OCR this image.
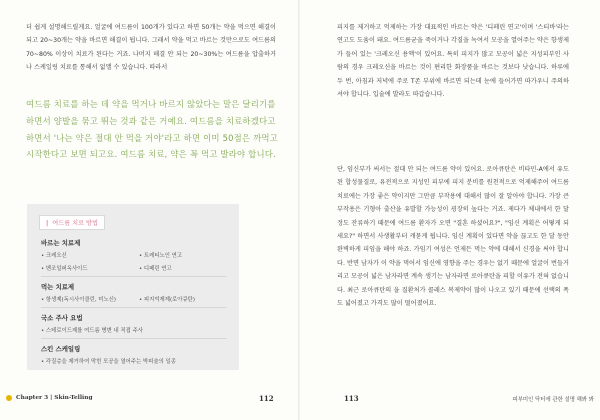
더 쉽게 설명해드릴게요. 얼굴에 여드름이 100개가 있다고 하면 50개는 약을 먹으면 해결이 되고 20~30개는 약을 바르면 해결이 됩니다. 그래서 약을 먹고 바르는 것만으로도 여드름의 70~80% 이상이 치료가 된다는 거죠. 나머지 해결 안 되는 20~30%는 여드름을 압출하거나 스케일링 치료를 통해서 없앨 수 있습니다. 따라서

여드름 치료를 하는 데 약을 먹거나 바르지 않았다는 말은 달리기를 하면서 양발을 묶고 뛰는 것과 같은 거예요. 여드름을 치료하겠다고 하면서 '나는 약은 절대 안 먹을 거야'라고 하면 이미 50점은 까먹고 시작한다고 보면 되고요. 여드름 치료, 약은 꼭 먹고 발라야 합니다.

| 여드름 치료 방법
바르는 치료제
• 크레오신	• 트레티노인 연고
• 벤조일퍼옥사이드	• 디페린 연고
먹는 치료제
• 항생제(독시사이클린, 미노신)	• 피지억제제(로아큐탄)
국소 주사 요법
• 스테로이드제를 여드름 병변 내 직접 주사
스킨 스케일링
• 각질층을 제거하여 막힌 모공을 열어주는 박피술의 일종
Chapter 3 | Skin-Telling	112

피지를 제거하고 억제하는 가장 대표적인 바르는 약은 '디페린 연고'이며 '스티바'라는 연고도 도움이 돼요. 여드름균을 죽이거나 각질을 녹여서 모공을 열어주는 약은 항생제가 들어 있는 '크레오신 용액'이 있어요. 특히 피지가 많고 모공이 넓은 지성피부인 사람의 경우 크레오신을 바르는 것이 편리한 화장품을 바르는 것보다 낫습니다. 하루에 두 번, 아침과 저녁에 주로 T존 부위에 바르면 되는데 눈에 들어가면 따가우니 주의하셔야 합니다. 입술에 발라도 따갑습니다.

단, 임신부가 써서는 절대 안 되는 여드름 약이 있어요. 로아큐탄은 비타민-A에서 유도된 합성물질로, 유전적으로 지성인 피부에 피지 분비를 원천적으로 억제해주어 여드름 치료에는 가장 좋은 약이지만 그만큼 부작용에 대해서 많이 잘 알아야 합니다. 가장 큰 부작용은 기형아 출산을 유발할 가능성이 굉장히 높다는 거죠. 제다가 체내에서 한 달 정도 잔류하기 때문에 여드름 환자가 오면 "결혼 하셨어요?", "임신 계획은 어떻게 되세요?" 하면서 사생활부터 캐묻게 됩니다. 임신 계획이 있다면 약을 끊고도 한 달 동안 완벽하게 피임을 해야 하죠. 가임기 여성은 언제든 먹는 약에 대해서 신경을 써야 합니다. 반면 남자가 이 약을 먹어서 임신에 영향을 주는 경우는 없기 때문에 얼굴이 번들거리고 모공이 넓은 남자라면 계속 생기는 남자라면 로아큐탄을 피할 이유가 전혀 없습니다. 최근 로아큐탄의 을 질환처가 콜레스 복제약이 많이 나오고 있기 때문에 선택의 폭도 넓어졌고 가격도 많이 떨어졌어요.

113	피부미인 닥터에 관한 설명 해봐 봐
